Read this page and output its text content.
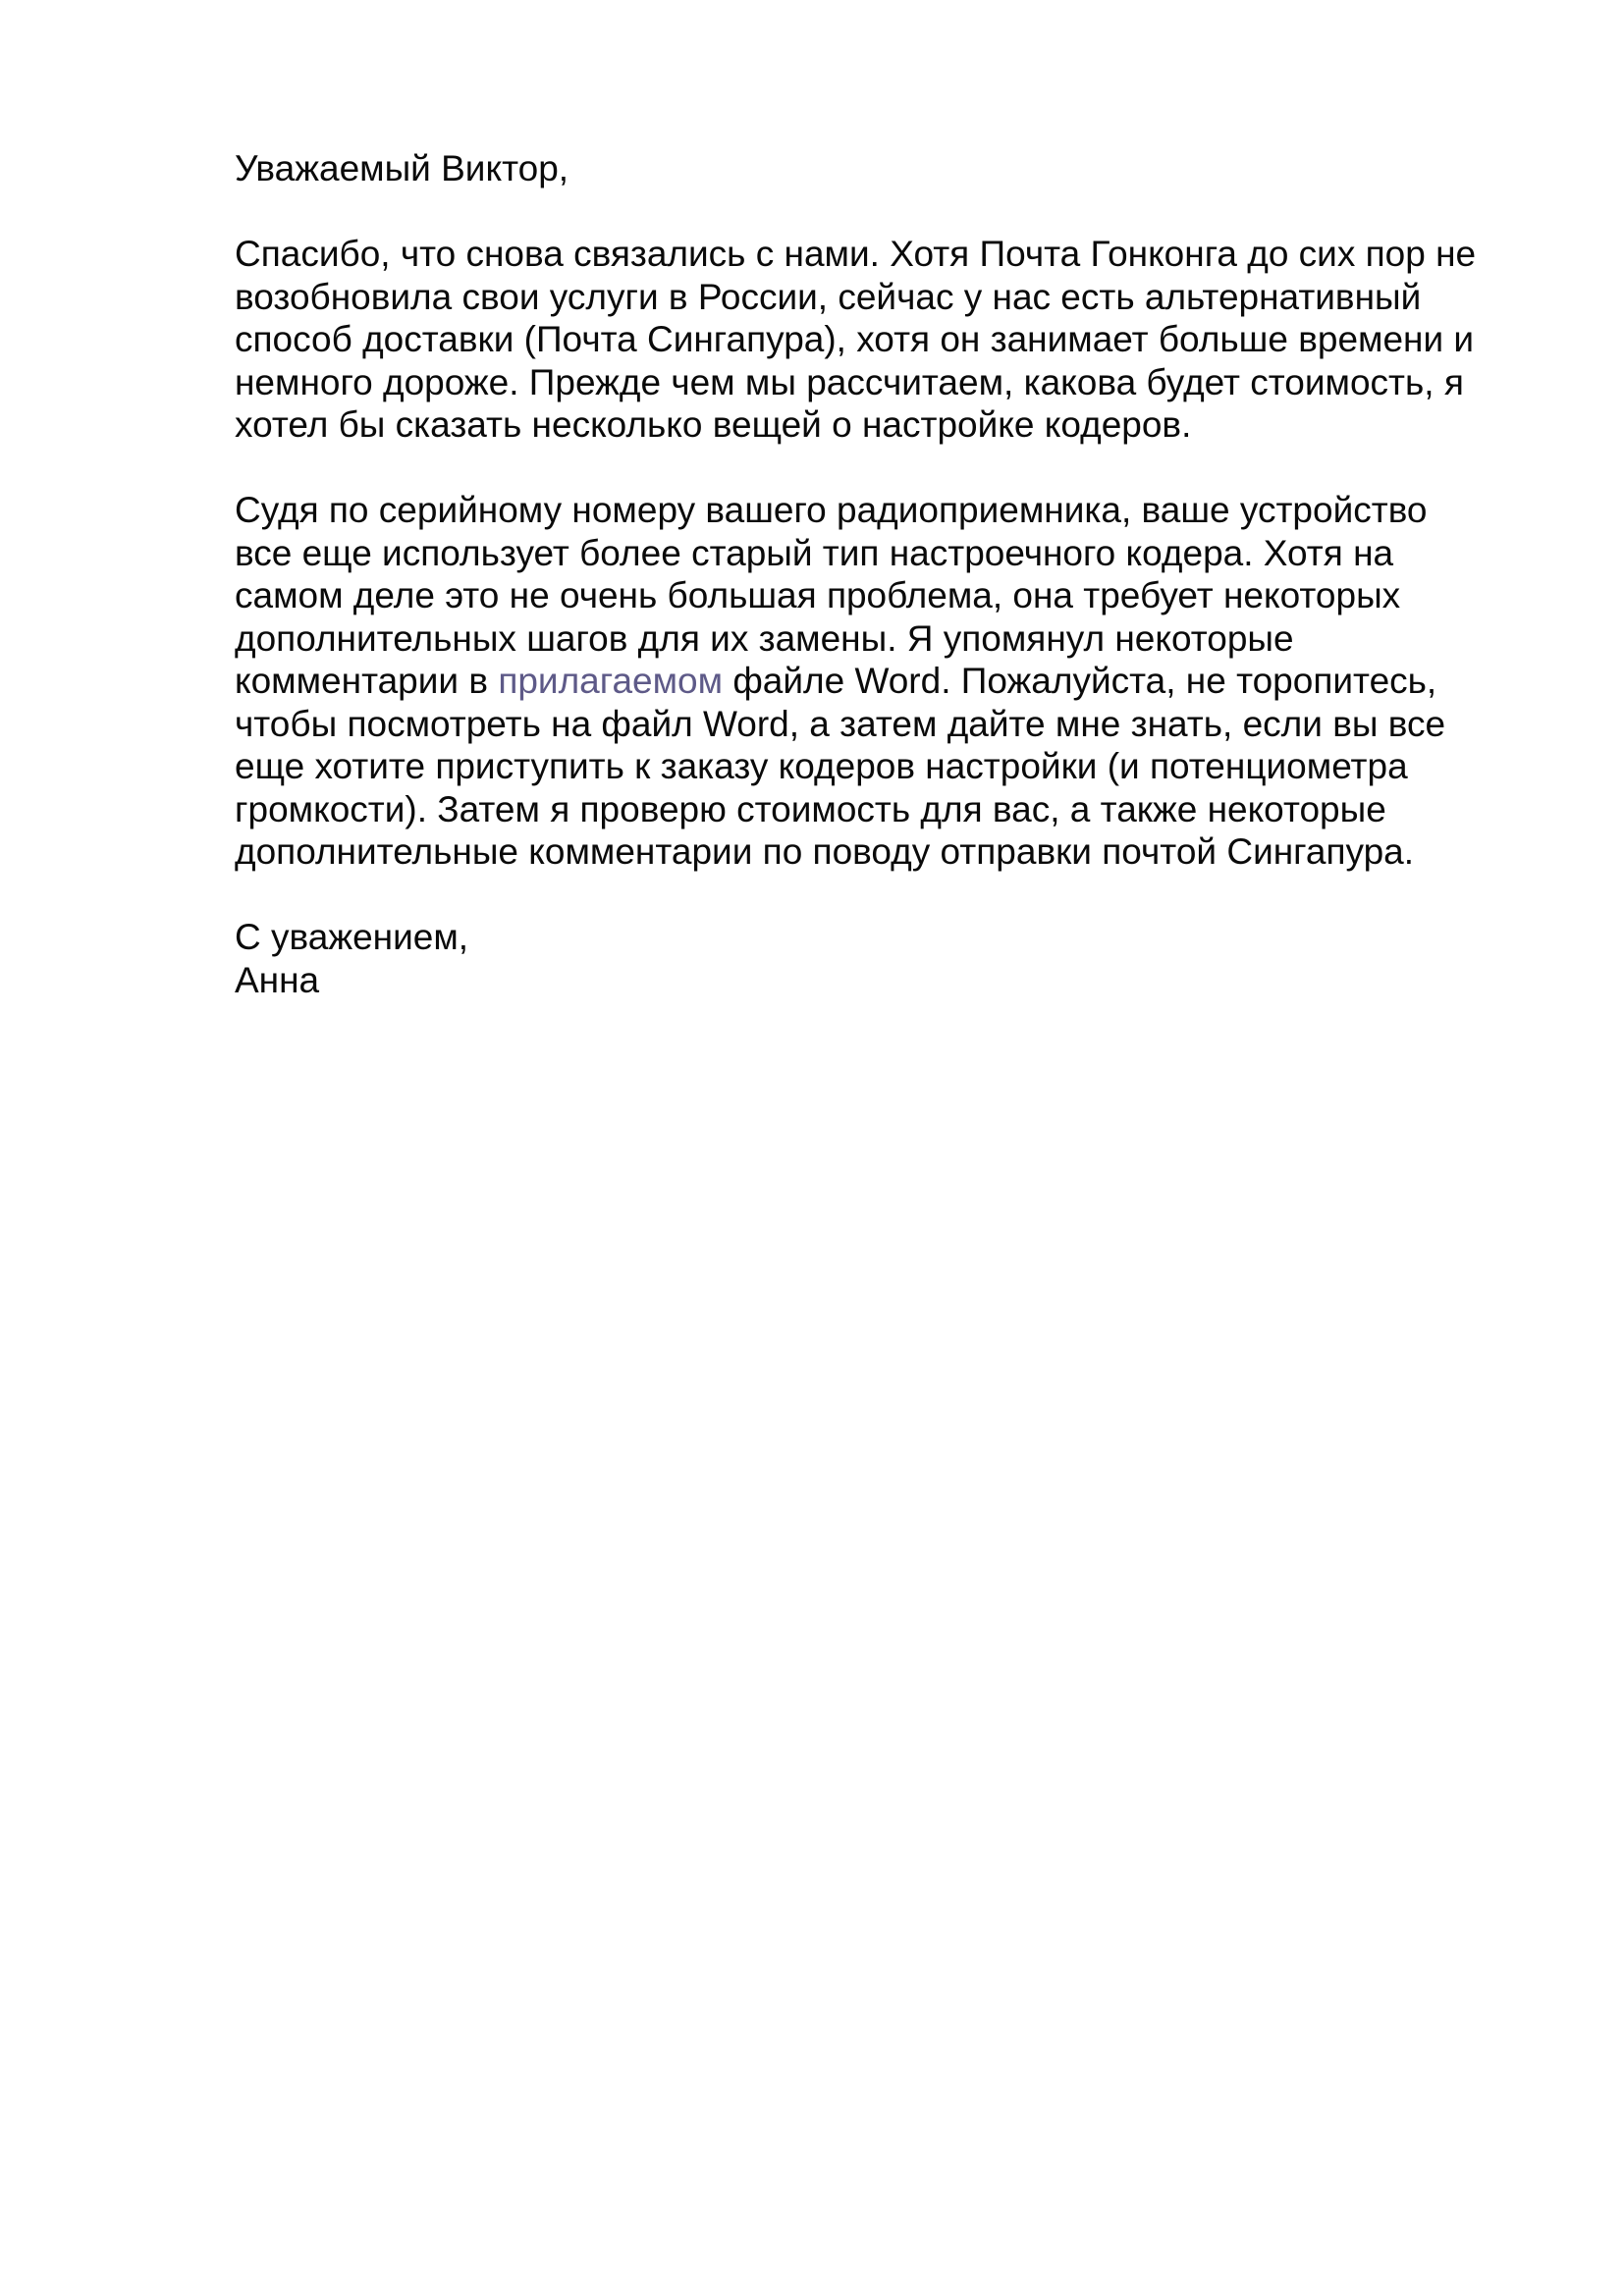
Уважаемый Виктор,
Спасибо, что снова связались с нами. Хотя Почта Гонконга до сих пор не
возобновила свои услуги в России, сейчас у нас есть альтернативный
способ доставки (Почта Сингапура), хотя он занимает больше времени и
немного дороже. Прежде чем мы рассчитаем, какова будет стоимость, я
хотел бы сказать несколько вещей о настройке кодеров.
Судя по серийному номеру вашего радиоприемника, ваше устройство
все еще использует более старый тип настроечного кодера. Хотя на
самом деле это не очень большая проблема, она требует некоторых
дополнительных шагов для их замены. Я упомянул некоторые
комментарии в прилагаемом файле Word. Пожалуйста, не торопитесь,
чтобы посмотреть на файл Word, а затем дайте мне знать, если вы все
еще хотите приступить к заказу кодеров настройки (и потенциометра
громкости). Затем я проверю стоимость для вас, а также некоторые
дополнительные комментарии по поводу отправки почтой Сингапура.
С уважением,
Анна
